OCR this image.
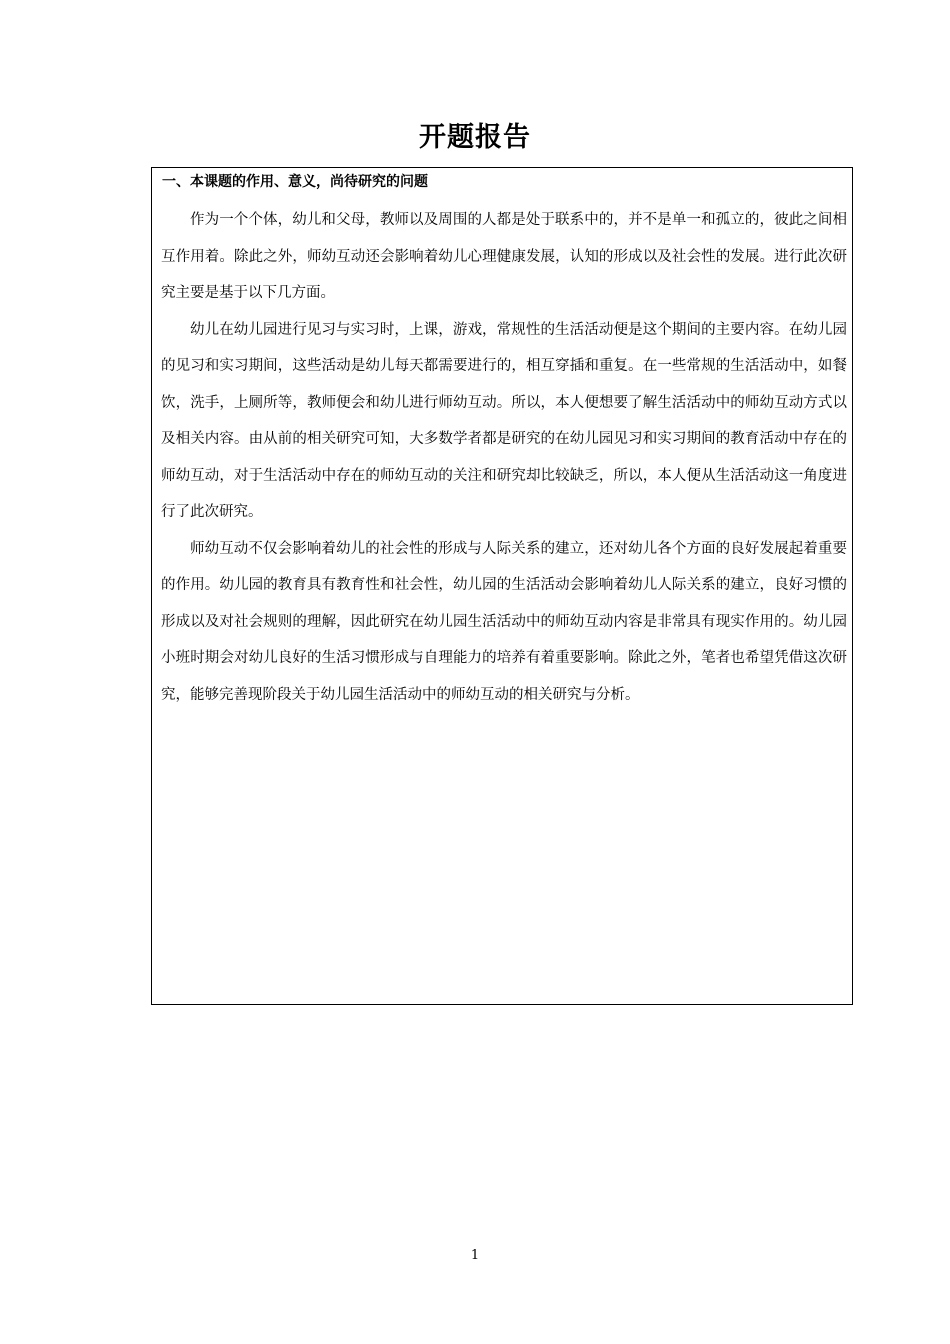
开题报告
一、本课题的作用、意义，尚待研究的问题

作为一个个体，幼儿和父母，教师以及周围的人都是处于联系中的，并不是单一和孤立的，彼此之间相互作用着。除此之外，师幼互动还会影响着幼儿心理健康发展，认知的形成以及社会性的发展。进行此次研究主要是基于以下几方面。

幼儿在幼儿园进行见习与实习时，上课，游戏，常规性的生活活动便是这个期间的主要内容。在幼儿园的见习和实习期间，这些活动是幼儿每天都需要进行的，相互穿插和重复。在一些常规的生活活动中，如餐饮，洗手，上厕所等，教师便会和幼儿进行师幼互动。所以，本人便想要了解生活活动中的师幼互动方式以及相关内容。由从前的相关研究可知，大多数学者都是研究的在幼儿园见习和实习期间的教育活动中存在的师幼互动，对于生活活动中存在的师幼互动的关注和研究却比较缺乏，所以，本人便从生活活动这一角度进行了此次研究。

师幼互动不仅会影响着幼儿的社会性的形成与人际关系的建立，还对幼儿各个方面的良好发展起着重要的作用。幼儿园的教育具有教育性和社会性，幼儿园的生活活动会影响着幼儿人际关系的建立，良好习惯的形成以及对社会规则的理解，因此研究在幼儿园生活活动中的师幼互动内容是非常具有现实作用的。幼儿园小班时期会对幼儿良好的生活习惯形成与自理能力的培养有着重要影响。除此之外，笔者也希望凭借这次研究，能够完善现阶段关于幼儿园生活活动中的师幼互动的相关研究与分析。

1
